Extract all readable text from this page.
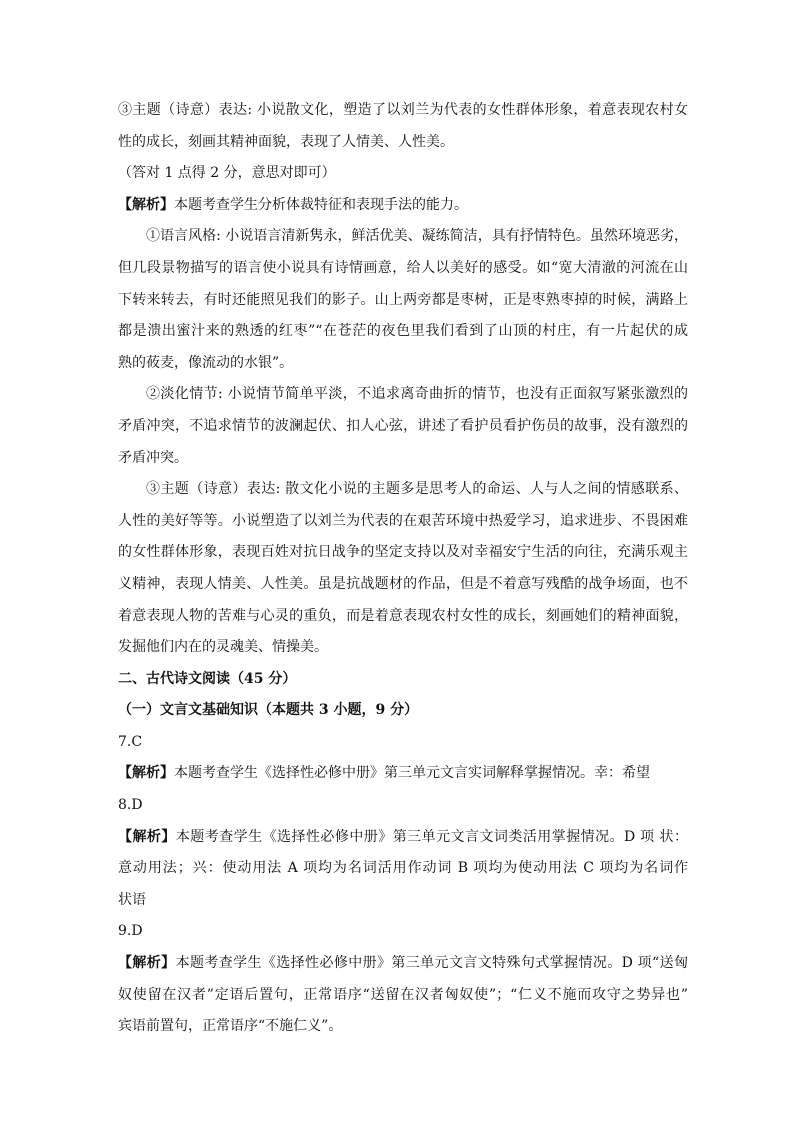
③主题（诗意）表达: 小说散文化，塑造了以刘兰为代表的女性群体形象，着意表现农村女
性的成长，刻画其精神面貌，表现了人情美、人性美。
（答对 1 点得 2 分，意思对即可）
【解析】本题考查学生分析体裁特征和表现手法的能力。
①语言风格: 小说语言清新隽永，鲜活优美、凝练简洁，具有抒情特色。虽然环境恶劣，
但几段景物描写的语言使小说具有诗情画意，给人以美好的感受。如“宽大清澈的河流在山
下转来转去，有时还能照见我们的影子。山上两旁都是枣树，正是枣熟枣掉的时候，满路上
都是溃出蜜汁来的熟透的红枣”“在苍茫的夜色里我们看到了山顶的村庄，有一片起伏的成
熟的莜麦，像流动的水银”。
②淡化情节: 小说情节简单平淡，不追求离奇曲折的情节，也没有正面叙写紧张激烈的
矛盾冲突，不追求情节的波澜起伏、扣人心弦，讲述了看护员看护伤员的故事，没有激烈的
矛盾冲突。
③主题（诗意）表达: 散文化小说的主题多是思考人的命运、人与人之间的情感联系、
人性的美好等等。小说塑造了以刘兰为代表的在艰苦环境中热爱学习，追求进步、不畏困难
的女性群体形象，表现百姓对抗日战争的坚定支持以及对幸福安宁生活的向往，充满乐观主
义精神，表现人情美、人性美。虽是抗战题材的作品，但是不着意写残酷的战争场面，也不
着意表现人物的苦难与心灵的重负，而是着意表现农村女性的成长，刻画她们的精神面貌，
发掘他们内在的灵魂美、情操美。
二、古代诗文阅读（45 分）
（一）文言文基础知识（本题共 3 小题，9 分）
7.C
【解析】本题考查学生《选择性必修中册》第三单元文言实词解释掌握情况。幸：希望
8.D
【解析】本题考查学生《选择性必修中册》第三单元文言文词类活用掌握情况。D 项 状：
意动用法；兴：使动用法 A 项均为名词活用作动词 B 项均为使动用法 C 项均为名词作
状语
9.D
【解析】本题考查学生《选择性必修中册》第三单元文言文特殊句式掌握情况。D 项“送匈
奴使留在汉者”定语后置句，正常语序“送留在汉者匈奴使”；“仁义不施而攻守之势异也”
宾语前置句，正常语序“不施仁义”。
